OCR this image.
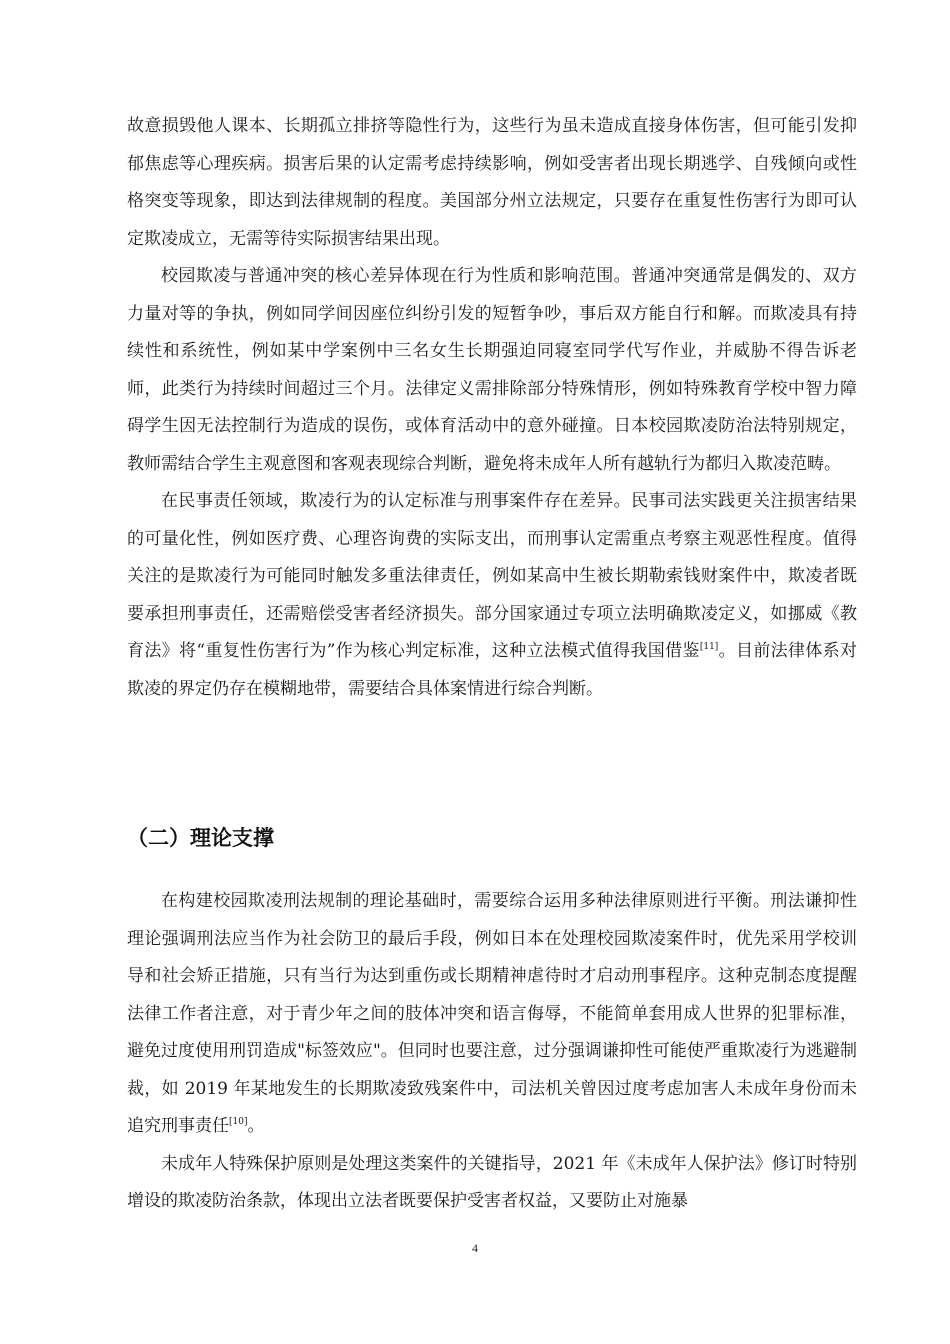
故意损毁他人课本、长期孤立排挤等隐性行为，这些行为虽未造成直接身体伤害，但可能引发抑郁焦虑等心理疾病。损害后果的认定需考虑持续影响，例如受害者出现长期逃学、自残倾向或性格突变等现象，即达到法律规制的程度。美国部分州立法规定，只要存在重复性伤害行为即可认定欺凌成立，无需等待实际损害结果出现。

校园欺凌与普通冲突的核心差异体现在行为性质和影响范围。普通冲突通常是偶发的、双方力量对等的争执，例如同学间因座位纠纷引发的短暂争吵，事后双方能自行和解。而欺凌具有持续性和系统性，例如某中学案例中三名女生长期强迫同寝室同学代写作业，并威胁不得告诉老师，此类行为持续时间超过三个月。法律定义需排除部分特殊情形，例如特殊教育学校中智力障碍学生因无法控制行为造成的误伤，或体育活动中的意外碰撞。日本校园欺凌防治法特别规定，教师需结合学生主观意图和客观表现综合判断，避免将未成年人所有越轨行为都归入欺凌范畴。

在民事责任领域，欺凌行为的认定标准与刑事案件存在差异。民事司法实践更关注损害结果的可量化性，例如医疗费、心理咨询费的实际支出，而刑事认定需重点考察主观恶性程度。值得关注的是欺凌行为可能同时触发多重法律责任，例如某高中生被长期勒索钱财案件中，欺凌者既要承担刑事责任，还需赔偿受害者经济损失。部分国家通过专项立法明确欺凌定义，如挪威《教育法》将“重复性伤害行为”作为核心判定标准，这种立法模式值得我国借鉴[11]。目前法律体系对欺凌的界定仍存在模糊地带，需要结合具体案情进行综合判断。

（二）理论支撑

在构建校园欺凌刑法规制的理论基础时，需要综合运用多种法律原则进行平衡。刑法谦抑性理论强调刑法应当作为社会防卫的最后手段，例如日本在处理校园欺凌案件时，优先采用学校训导和社会矫正措施，只有当行为达到重伤或长期精神虐待时才启动刑事程序。这种克制态度提醒法律工作者注意，对于青少年之间的肢体冲突和语言侮辱，不能简单套用成人世界的犯罪标准，避免过度使用刑罚造成"标签效应"。但同时也要注意，过分强调谦抑性可能使严重欺凌行为逃避制裁，如 2019 年某地发生的长期欺凌致残案件中，司法机关曾因过度考虑加害人未成年身份而未追究刑事责任[10]。

未成年人特殊保护原则是处理这类案件的关键指导，2021 年《未成年人保护法》修订时特别增设的欺凌防治条款，体现出立法者既要保护受害者权益，又要防止对施暴

4
